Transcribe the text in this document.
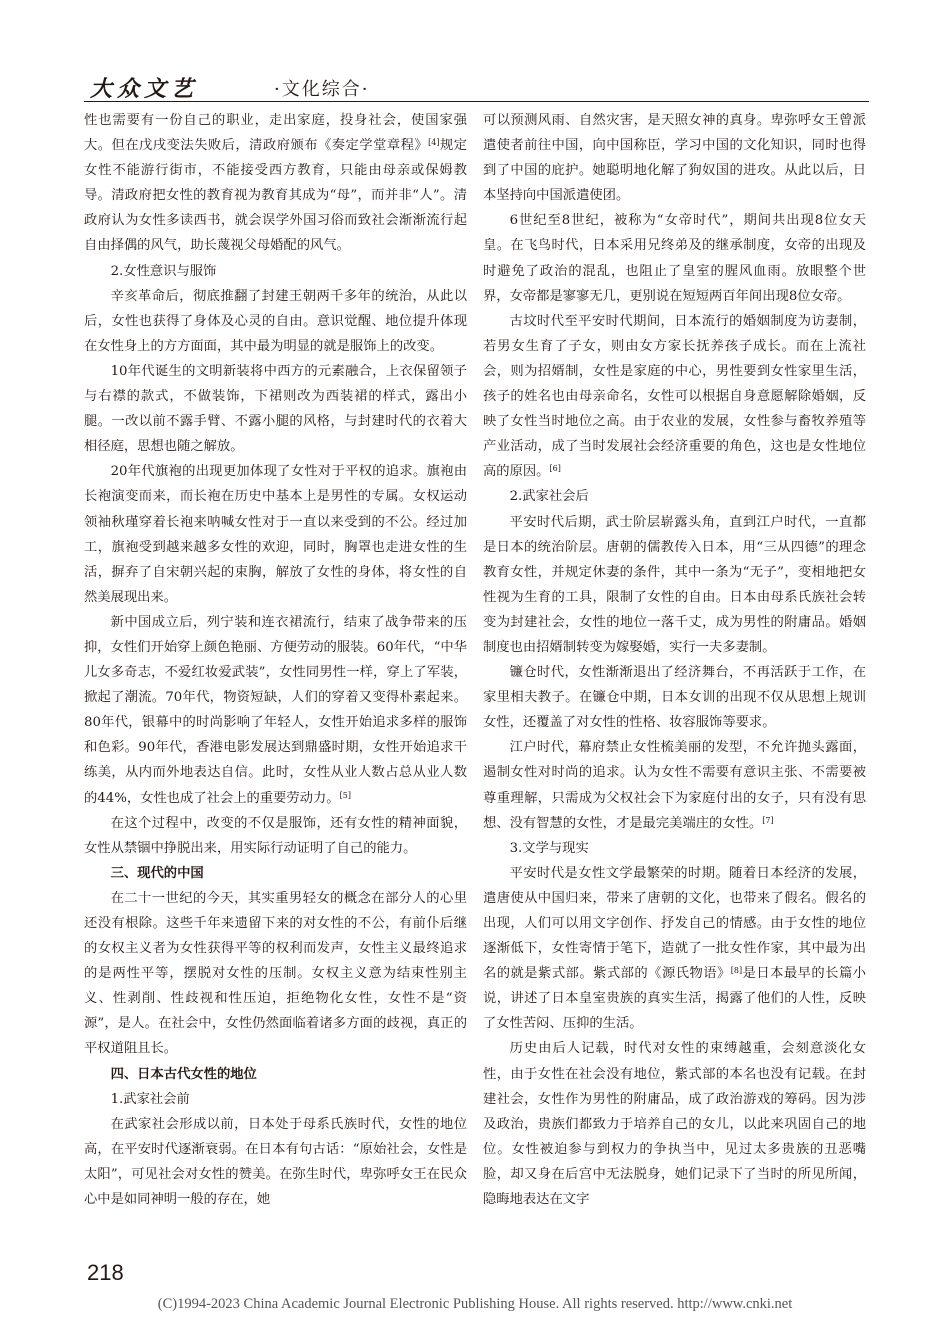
大众文艺	·文化综合·

性也需要有一份自己的职业，走出家庭，投身社会，使国家强大。但在戊戌变法失败后，清政府颁布《奏定学堂章程》[4]规定女性不能游行街市，不能接受西方教育，只能由母亲或保姆教导。清政府把女性的教育视为教育其成为“母”，而并非“人”。清政府认为女性多读西书，就会误学外国习俗而致社会渐渐流行起自由择偶的风气，助长蔑视父母婚配的风气。

2.女性意识与服饰

辛亥革命后，彻底推翻了封建王朝两千多年的统治，从此以后，女性也获得了身体及心灵的自由。意识觉醒、地位提升体现在女性身上的方方面面，其中最为明显的就是服饰上的改变。

10年代诞生的文明新装将中西方的元素融合，上衣保留领子与右襟的款式，不做装饰，下裙则改为西装裙的样式，露出小腿。一改以前不露手臂、不露小腿的风格，与封建时代的衣着大相径庭，思想也随之解放。

20年代旗袍的出现更加体现了女性对于平权的追求。旗袍由长袍演变而来，而长袍在历史中基本上是男性的专属。女权运动领袖秋瑾穿着长袍来呐喊女性对于一直以来受到的不公。经过加工，旗袍受到越来越多女性的欢迎，同时，胸罩也走进女性的生活，摒弃了自宋朝兴起的束胸，解放了女性的身体，将女性的自然美展现出来。

新中国成立后，列宁装和连衣裙流行，结束了战争带来的压抑，女性们开始穿上颜色艳丽、方便劳动的服装。60年代，“中华儿女多奇志，不爱红妆爱武装”，女性同男性一样，穿上了军装，掀起了潮流。70年代，物资短缺，人们的穿着又变得朴素起来。80年代，银幕中的时尚影响了年轻人，女性开始追求多样的服饰和色彩。90年代，香港电影发展达到鼎盛时期，女性开始追求干练美，从内而外地表达自信。此时，女性从业人数占总从业人数的44%，女性也成了社会上的重要劳动力。[5]

在这个过程中，改变的不仅是服饰，还有女性的精神面貌，女性从禁锢中挣脱出来，用实际行动证明了自己的能力。

三、现代的中国

在二十一世纪的今天，其实重男轻女的概念在部分人的心里还没有根除。这些千年来遗留下来的对女性的不公，有前仆后继的女权主义者为女性获得平等的权利而发声，女性主义最终追求的是两性平等，摆脱对女性的压制。女权主义意为结束性别主义、性剥削、性歧视和性压迫，拒绝物化女性，女性不是“资源”，是人。在社会中，女性仍然面临着诸多方面的歧视，真正的平权道阻且长。

四、日本古代女性的地位
1.武家社会前

在武家社会形成以前，日本处于母系氏族时代，女性的地位高，在平安时代逐渐衰弱。在日本有句古话：“原始社会，女性是太阳”，可见社会对女性的赞美。在弥生时代，卑弥呼女王在民众心中是如同神明一般的存在，她

可以预测风雨、自然灾害，是天照女神的真身。卑弥呼女王曾派遣使者前往中国，向中国称臣，学习中国的文化知识，同时也得到了中国的庇护。她聪明地化解了狗奴国的进攻。从此以后，日本坚持向中国派遣使团。

6世纪至8世纪，被称为“女帝时代”，期间共出现8位女天皇。在飞鸟时代，日本采用兄终弟及的继承制度，女帝的出现及时避免了政治的混乱，也阻止了皇室的腥风血雨。放眼整个世界，女帝都是寥寥无几，更别说在短短两百年间出现8位女帝。

古坟时代至平安时代期间，日本流行的婚姻制度为访妻制，若男女生育了子女，则由女方家长抚养孩子成长。而在上流社会，则为招婿制，女性是家庭的中心，男性要到女性家里生活，孩子的姓名也由母亲命名，女性可以根据自身意愿解除婚姻，反映了女性当时地位之高。由于农业的发展，女性参与畜牧养殖等产业活动，成了当时发展社会经济重要的角色，这也是女性地位高的原因。[6]

2.武家社会后

平安时代后期，武士阶层崭露头角，直到江户时代，一直都是日本的统治阶层。唐朝的儒教传入日本，用“三从四德”的理念教育女性，并规定休妻的条件，其中一条为“无子”，变相地把女性视为生育的工具，限制了女性的自由。日本由母系氏族社会转变为封建社会，女性的地位一落千丈，成为男性的附庸品。婚姻制度也由招婿制转变为嫁娶婚，实行一夫多妻制。

镰仓时代，女性渐渐退出了经济舞台，不再活跃于工作，在家里相夫教子。在镰仓中期，日本女训的出现不仅从思想上规训女性，还覆盖了对女性的性格、妆容服饰等要求。

江户时代，幕府禁止女性梳美丽的发型，不允许抛头露面，遏制女性对时尚的追求。认为女性不需要有意识主张、不需要被尊重理解，只需成为父权社会下为家庭付出的女子，只有没有思想、没有智慧的女性，才是最完美端庄的女性。[7]

3.文学与现实

平安时代是女性文学最繁荣的时期。随着日本经济的发展，遣唐使从中国归来，带来了唐朝的文化，也带来了假名。假名的出现，人们可以用文字创作、抒发自己的情感。由于女性的地位逐渐低下，女性寄情于笔下，造就了一批女性作家，其中最为出名的就是紫式部。紫式部的《源氏物语》[8]是日本最早的长篇小说，讲述了日本皇室贵族的真实生活，揭露了他们的人性，反映了女性苦闷、压抑的生活。

历史由后人记载，时代对女性的束缚越重，会刻意淡化女性，由于女性在社会没有地位，紫式部的本名也没有记载。在封建社会，女性作为男性的附庸品，成了政治游戏的筹码。因为涉及政治，贵族们都致力于培养自己的女儿，以此来巩固自己的地位。女性被迫参与到权力的争执当中，见过太多贵族的丑恶嘴脸，却又身在后宫中无法脱身，她们记录下了当时的所见所闻，隐晦地表达在文字

218
(C)1994-2023 China Academic Journal Electronic Publishing House. All rights reserved. http://www.cnki.net
